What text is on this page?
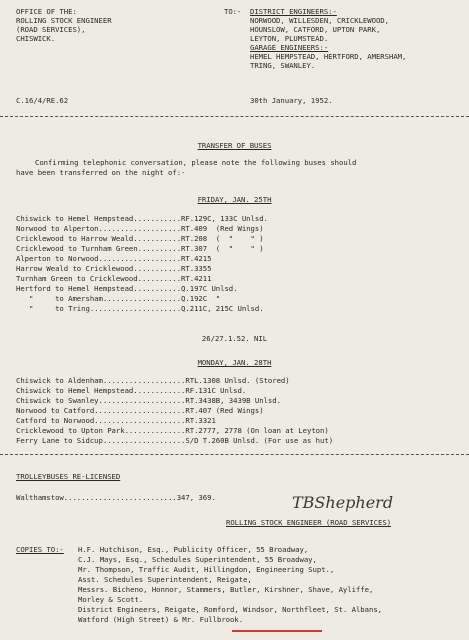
OFFICE OF THE:
ROLLING STOCK ENGINEER
(ROAD SERVICES),
CHISWICK.
TO:- DISTRICT ENGINEERS:-
NORWOOD, WILLESDEN, CRICKLEWOOD,
HOUNSLOW, CATFORD, UPTON PARK,
LEYTON, PLUMSTEAD.
GARAGE ENGINEERS:-
HEMEL HEMPSTEAD, HERTFORD, AMERSHAM,
TRING, SWANLEY.
C.16/4/RE.62	30th January, 1952.
TRANSFER OF BUSES
Confirming telephonic conversation, please note the following buses should
have been transferred on the night of:-
FRIDAY, JAN. 25TH
Chiswick to Hemel Hempstead...........RF.129C, 133C Unlsd.
Norwood to Alperton...................RT.409  (Red Wings)
Cricklewood to Harrow Weald...........RT.208  (  "    " )
Cricklewood to Turnham Green..........RT.307  (  "    " )
Alperton to Norwood...................RT.4215
Harrow Weald to Cricklewood...........RT.3355
Turnham Green to Cricklewood..........RT.4211
Hertford to Hemel Hempstead...........Q.197C Unlsd.
"     to Amersham..................Q.192C  "
"     to Tring.....................Q.211C, 215C Unlsd.
26/27.1.52. NIL
MONDAY, JAN. 28TH
Chiswick to Aldenham...................RTL.1308 Unlsd. (Stored)
Chiswick to Hemel Hempstead............RF.131C Unlsd.
Chiswick to Swanley....................RT.3438B, 3439B Unlsd.
Norwood to Catford.....................RT.407 (Red Wings)
Catford to Norwood.....................RT.3321
Cricklewood to Upton Park..............RT.2777, 2778 (On loan at Leyton)
Ferry Lane to Sidcup...................S/D T.260B Unlsd. (For use as hut)
TROLLEYBUSES RE-LICENSED
Walthamstow..........................347, 369.	TBShepherd
ROLLING STOCK ENGINEER (ROAD SERVICES)
COPIES TO:- H.F. Hutchison, Esq., Publicity Officer, 55 Broadway,
C.J. Mays, Esq., Schedules Superintendent, 55 Broadway,
Mr. Thompson, Traffic Audit, Hillingdon, Engineering Supt.,
Asst. Schedules Superintendent, Reigate,
Messrs. Bicheno, Honnor, Stammers, Butler, Kirshner, Shave, Ayliffe,
Morley & Scott.
District Engineers, Reigate, Romford, Windsor, Northfleet, St. Albans,
Watford (High Street) & Mr. Fullbrook.
